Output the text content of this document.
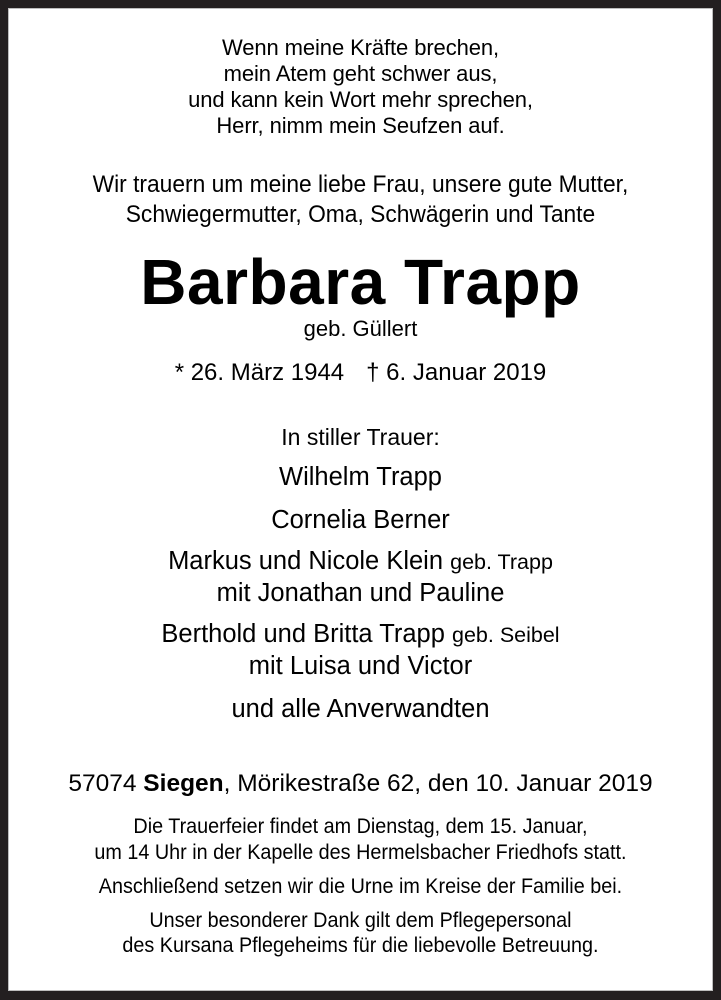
Wenn meine Kräfte brechen,
mein Atem geht schwer aus,
und kann kein Wort mehr sprechen,
Herr, nimm mein Seufzen auf.
Wir trauern um meine liebe Frau, unsere gute Mutter,
Schwiegermutter, Oma, Schwägerin und Tante
Barbara Trapp
geb. Güllert
* 26. März 1944 † 6. Januar 2019
In stiller Trauer:
Wilhelm Trapp
Cornelia Berner
Markus und Nicole Klein geb. Trapp
mit Jonathan und Pauline
Berthold und Britta Trapp geb. Seibel
mit Luisa und Victor
und alle Anverwandten
57074 Siegen, Mörikestraße 62, den 10. Januar 2019
Die Trauerfeier findet am Dienstag, dem 15. Januar,
um 14 Uhr in der Kapelle des Hermelsbacher Friedhofs statt.
Anschließend setzen wir die Urne im Kreise der Familie bei.
Unser besonderer Dank gilt dem Pflegepersonal
des Kursana Pflegeheims für die liebevolle Betreuung.
